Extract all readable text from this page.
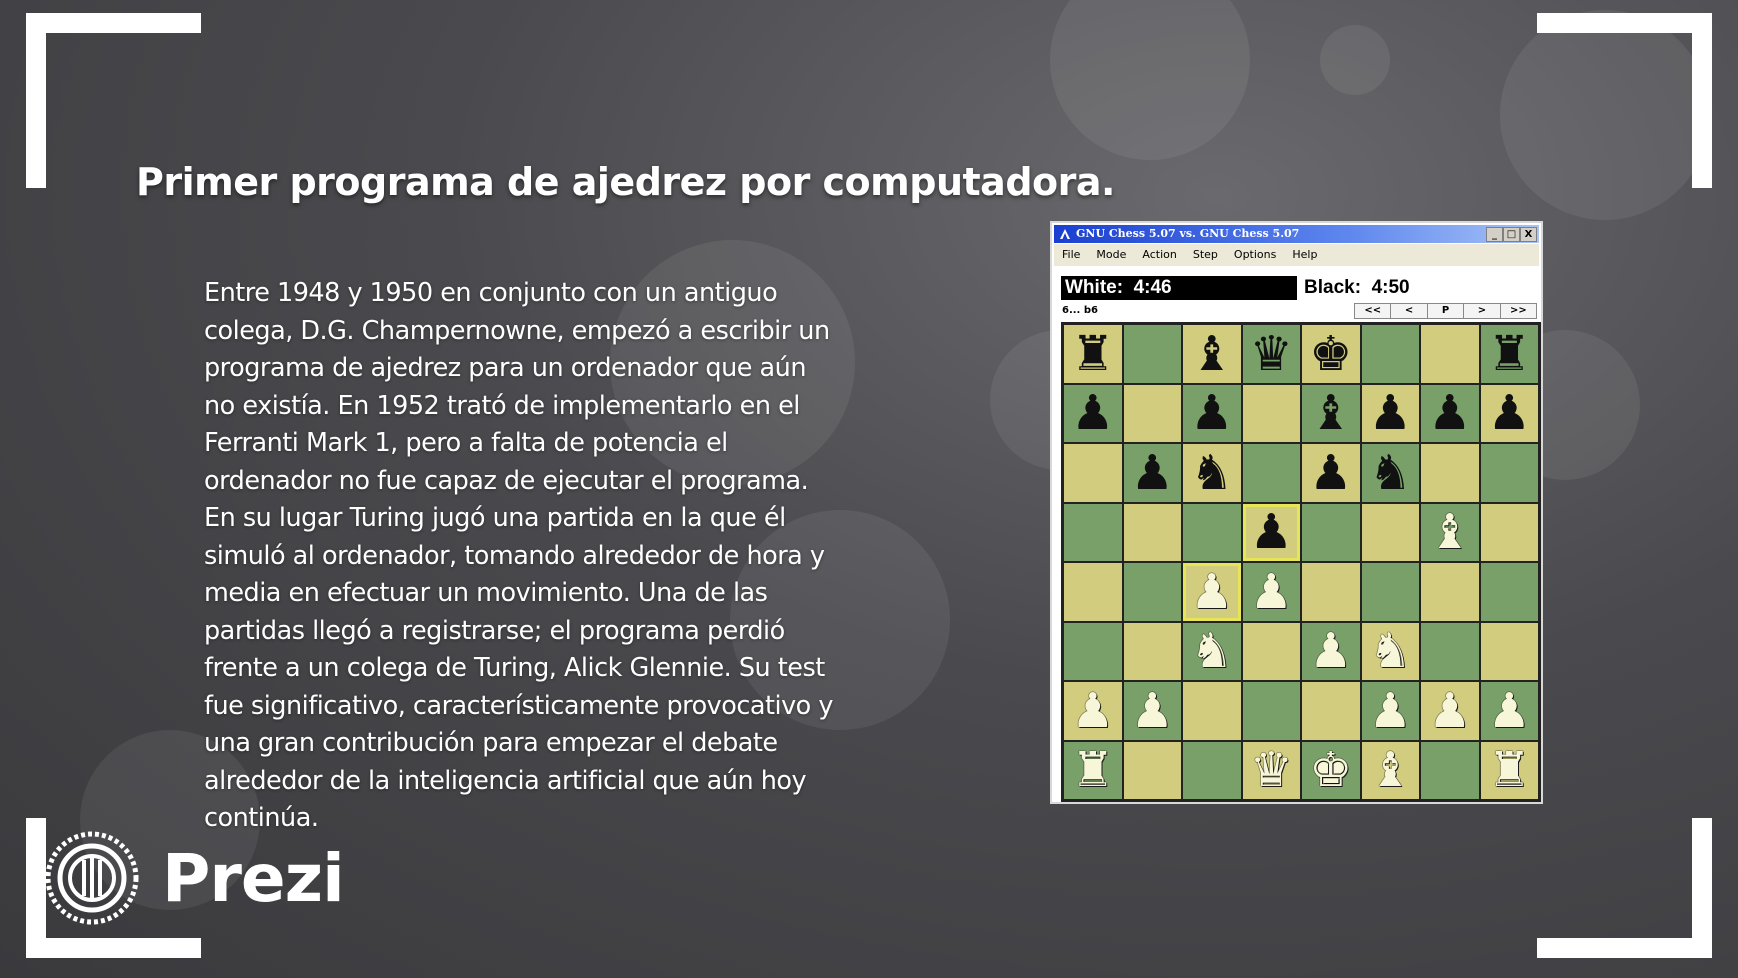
Primer programa de ajedrez por computadora.
Entre 1948 y 1950 en conjunto con un antiguo colega, D.G. Champernowne, empezó a escribir un programa de ajedrez para un ordenador que aún no existía. En 1952 trató de implementarlo en el Ferranti Mark 1, pero a falta de potencia el ordenador no fue capaz de ejecutar el programa. En su lugar Turing jugó una partida en la que él simuló al ordenador, tomando alrededor de hora y media en efectuar un movimiento. Una de las partidas llegó a registrarse; el programa perdió frente a un colega de Turing, Alick Glennie. Su test fue significativo, característicamente provocativo y una gran contribución para empezar el debate alrededor de la inteligencia artificial que aún hoy continúa.
GNU Chess 5.07 vs. GNU Chess 5.07	_ □ X
File	Mode	Action	Step	Options	Help
White:  4:46	Black:  4:50
6... b6	<<	<	P	>	>>
♜ ♝ ♛ ♚	♜
♟ ♟ ♝ ♟ ♟ ♟
♟ ♞ ♟ ♞
♟	♝
♟ ♟
♞ ♟ ♞
♟ ♟	♟ ♟ ♟
♜	♛ ♚ ♝ ♜
Prezi
